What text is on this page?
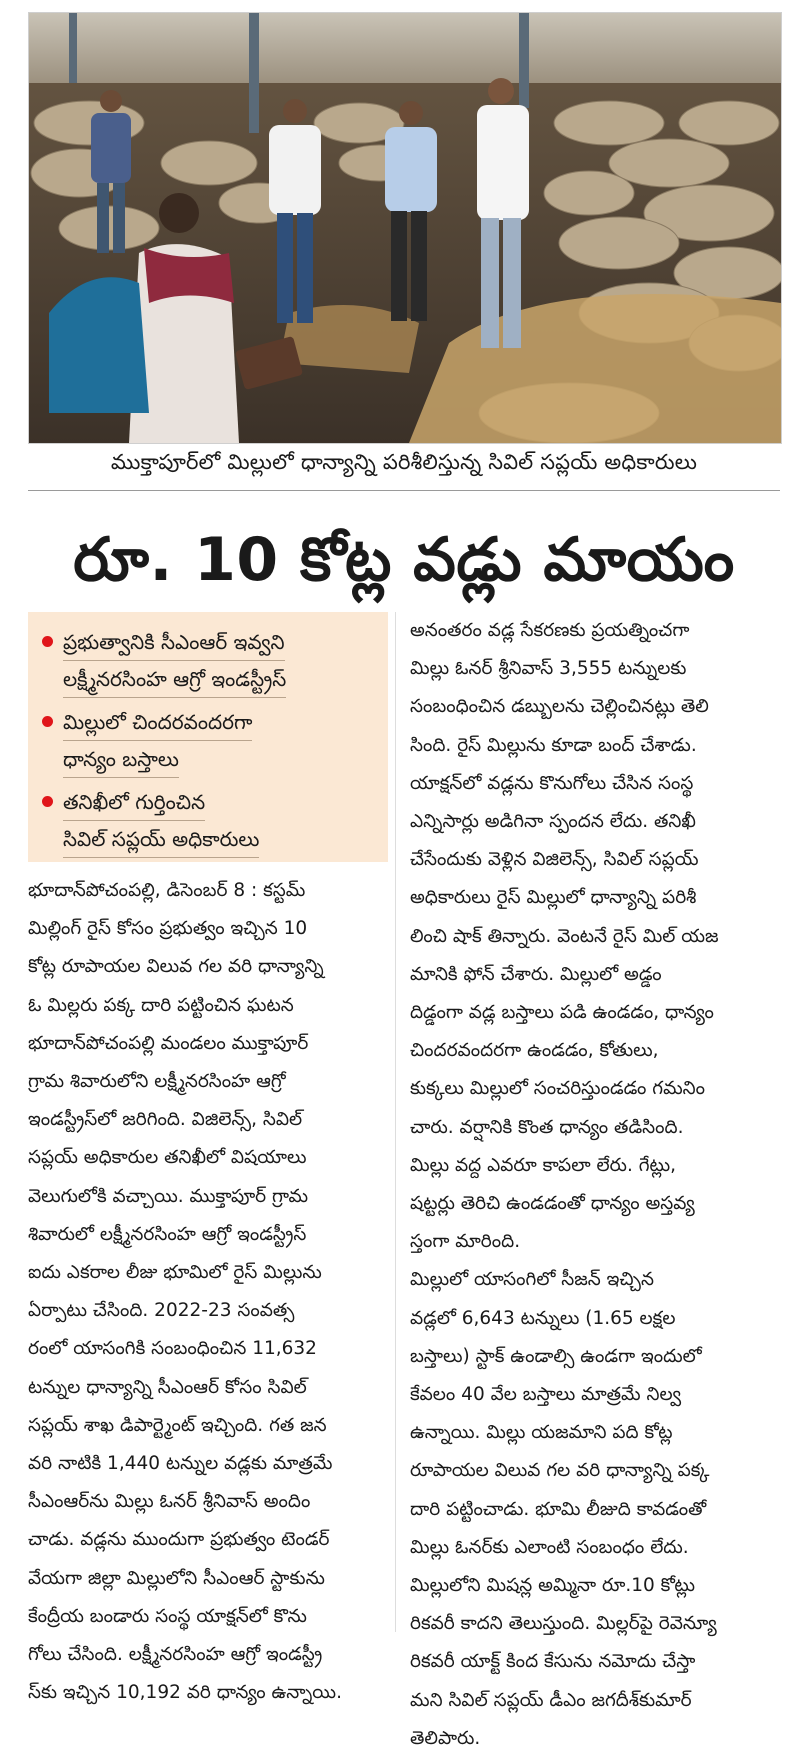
ముక్తాపూర్‌లో మిల్లులో ధాన్యాన్ని పరిశీలిస్తున్న సివిల్ సప్లయ్ అధికారులు
రూ. 10 కోట్ల వడ్లు మాయం
ప్రభుత్వానికి సీఎంఆర్ ఇవ్వని
లక్ష్మీనరసింహ ఆగ్రో ఇండస్ట్రీస్
మిల్లులో చిందరవందరగా
ధాన్యం బస్తాలు
తనిఖీలో గుర్తించిన
సివిల్ సప్లయ్ అధికారులు
భూదాన్‌పోచంపల్లి, డిసెంబర్ 8 : కస్టమ్
మిల్లింగ్ రైస్ కోసం ప్రభుత్వం ఇచ్చిన 10
కోట్ల రూపాయల విలువ గల వరి ధాన్యాన్ని
ఓ మిల్లరు పక్క దారి పట్టించిన ఘటన
భూదాన్‌పోచంపల్లి మండలం ముక్తాపూర్
గ్రామ శివారులోని లక్ష్మీనరసింహ ఆగ్రో
ఇండస్ట్రీస్‌లో జరిగింది. విజిలెన్స్, సివిల్
సప్లయ్ అధికారుల తనిఖీలో విషయాలు
వెలుగులోకి వచ్చాయి. ముక్తాపూర్ గ్రామ
శివారులో లక్ష్మీనరసింహ ఆగ్రో ఇండస్ట్రీస్
ఐదు ఎకరాల లీజు భూమిలో రైస్ మిల్లును
ఏర్పాటు చేసింది. 2022-23 సంవత్స
రంలో యాసంగికి సంబంధించిన 11,632
టన్నుల ధాన్యాన్ని సీఎంఆర్ కోసం సివిల్
సప్లయ్ శాఖ డిపార్ట్మెంట్ ఇచ్చింది. గత జన
వరి నాటికి 1,440 టన్నుల వడ్లకు మాత్రమే
సీఎంఆర్‌ను మిల్లు ఓనర్ శ్రీనివాస్ అందిం
చాడు. వడ్లను ముందుగా ప్రభుత్వం టెండర్
వేయగా జిల్లా మిల్లులోని సీఎంఆర్ స్టాకును
కేంద్రీయ బండారు సంస్థ యాక్షన్‌లో కొను
గోలు చేసింది. లక్ష్మీనరసింహ ఆగ్రో ఇండస్ట్రీ
స్‌కు ఇచ్చిన 10,192 వరి ధాన్యం ఉన్నాయి.
అనంతరం వడ్ల సేకరణకు ప్రయత్నించగా
మిల్లు ఓనర్ శ్రీనివాస్ 3,555 టన్నులకు
సంబంధించిన డబ్బులను చెల్లించినట్లు తెలి
సింది. రైస్ మిల్లును కూడా బంద్ చేశాడు.
యాక్షన్‌లో వడ్లను కొనుగోలు చేసిన సంస్థ
ఎన్నిసార్లు అడిగినా స్పందన లేదు. తనిఖీ
చేసేందుకు వెళ్లిన విజిలెన్స్, సివిల్ సప్లయ్
అధికారులు రైస్ మిల్లులో ధాన్యాన్ని పరిశీ
లించి షాక్ తిన్నారు. వెంటనే రైస్ మిల్ యజ
మానికి ఫోన్ చేశారు. మిల్లులో అడ్డం
దిడ్డంగా వడ్ల బస్తాలు పడి ఉండడం, ధాన్యం
చిందరవందరగా ఉండడం, కోతులు,
కుక్కలు మిల్లులో సంచరిస్తుండడం గమనిం
చారు. వర్షానికి కొంత ధాన్యం తడిసింది.
మిల్లు వద్ద ఎవరూ కాపలా లేరు. గేట్లు,
షట్టర్లు తెరిచి ఉండడంతో ధాన్యం అస్తవ్య
స్తంగా మారింది.
మిల్లులో యాసంగిలో సీజన్ ఇచ్చిన
వడ్లలో 6,643 టన్నులు (1.65 లక్షల
బస్తాలు) స్టాక్ ఉండాల్సి ఉండగా ఇందులో
కేవలం 40 వేల బస్తాలు మాత్రమే నిల్వ
ఉన్నాయి. మిల్లు యజమాని పది కోట్ల
రూపాయల విలువ గల వరి ధాన్యాన్ని పక్క
దారి పట్టించాడు. భూమి లీజుది కావడంతో
మిల్లు ఓనర్‌కు ఎలాంటి సంబంధం లేదు.
మిల్లులోని మిషన్ల అమ్మినా రూ.10 కోట్లు
రికవరీ కాదని తెలుస్తుంది. మిల్లర్‌పై రెవెన్యూ
రికవరీ యాక్ట్ కింద కేసును నమోదు చేస్తా
మని సివిల్ సప్లయ్ డీఎం జగదీశ్‌కుమార్
తెలిపారు.
